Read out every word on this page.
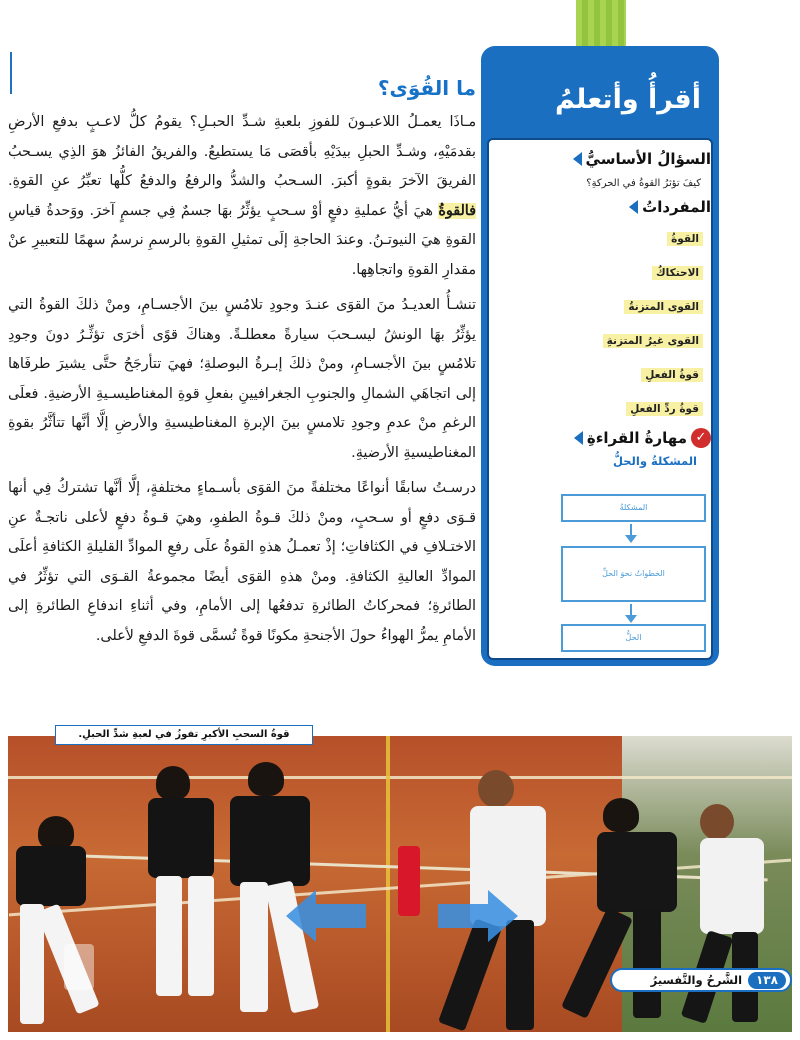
ما القُوَى؟

مـاذَا يعمـلُ اللاعبـونَ للفوزِ بلعبةِ شـدِّ الحبـلِ؟ يقومُ كلُّ لاعـبٍ بدفعِ الأرضِ بقدمَيْهِ، وشـدِّ الحبلِ بيدَيْهِ بأقصَى مَا يستطيعُ. والفريقُ الفائزُ هوَ الذِي يسـحبُ الفريقَ الآخرَ بقوةٍ أكبرَ. السـحبُ والشدُّ والرفعُ والدفعُ كلُّها تعبِّرُ عنِ القوةِ. فالقوةُ هيَ أيُّ عمليةِ دفعٍ أوْ سـحبٍ يؤثِّرُ بهَا جسمٌ فِي جسمٍ آخرَ. ووَحدةُ قياسِ القوةِ هيَ النيوتـنُ. وعندَ الحاجةِ إلَى تمثيلِ القوةِ بالرسمِ نرسمُ سهمًا للتعبيرِ عنْ مقدارِ القوةِ واتجاهِها.

تنشـأُ العديـدُ منَ القوَى عنـدَ وجودِ تلامُسٍ بينَ الأجسـامِ، ومنْ ذلكَ القوةُ التي يؤثِّرُ بهَا الونشُ ليسـحبَ سيارةً معطلـةً. وهناكَ قوًى أخرَى تؤثِّـرُ دونَ وجودِ تلامُسٍ بينَ الأجسـامِ، ومنْ ذلكَ إبـرةُ البوصلةِ؛ فهيَ تتأرجَحُ حتَّى يشيرَ طرفَاها إلى اتجاهَي الشمالِ والجنوبِ الجغرافيينِ بفعلِ قوةِ المغناطيسـيةِ الأرضيةِ. فعلَى الرغمِ منْ عدمِ وجودِ تلامسٍ بينَ الإبرةِ المغناطيسيةِ والأرضِ إلَّا أنَّها تتأثَّرُ بقوةِ المغناطيسيةِ الأرضيةِ.

درسـتُ سابقًا أنواعًا مختلفةً منَ القوَى بأسـماءٍ مختلفةٍ، إلَّا أنَّها تشتركُ فِي أنها قـوَى دفعٍ أو سـحبٍ، ومنْ ذلكَ قـوةُ الطفوِ، وهيَ قـوةُ دفعٍ لأعلى ناتجـةٌ عنِ الاختـلافِ في الكثافاتِ؛ إذْ تعمـلُ هذهِ القوةُ علَى رفعِ الموادِّ القليلةِ الكثافةِ أعلَى الموادِّ العاليةِ الكثافةِ. ومنْ هذهِ القوَى أيضًا مجموعةُ القـوَى التي تؤثِّرُ في الطائرةِ؛ فمحركاتُ الطائرةِ تدفعُها إلى الأمامِ، وفي أثناءِ اندفاعِ الطائرةِ إلى الأمامِ يمرُّ الهواءُ حولَ الأجنحةِ مكونًا قوةً تُسمَّى قوةَ الدفعِ لأعلى.

أقرأُ وأتعلمُ
السؤالُ الأساسيُّ
كيفَ تؤثرُ القوةُ في الحركةِ؟
المفرداتُ
القوةُ
الاحتكاكُ
القوى المتزنةُ
القوى غيرُ المتزنةِ
قوةُ الفعلِ
قوةُ ردِّ الفعلِ
✓
مهارةُ القراءةِ
المشكلةُ والحلُّ
المشكلةُ
الخطواتُ نحوَ الحلِّ
الحلُّ
قوةُ السحبِ الأكبرِ تفوزُ في لعبةِ شدِّ الحبلِ.
١٣٨
الشَّرحُ والتَّفسيرُ
